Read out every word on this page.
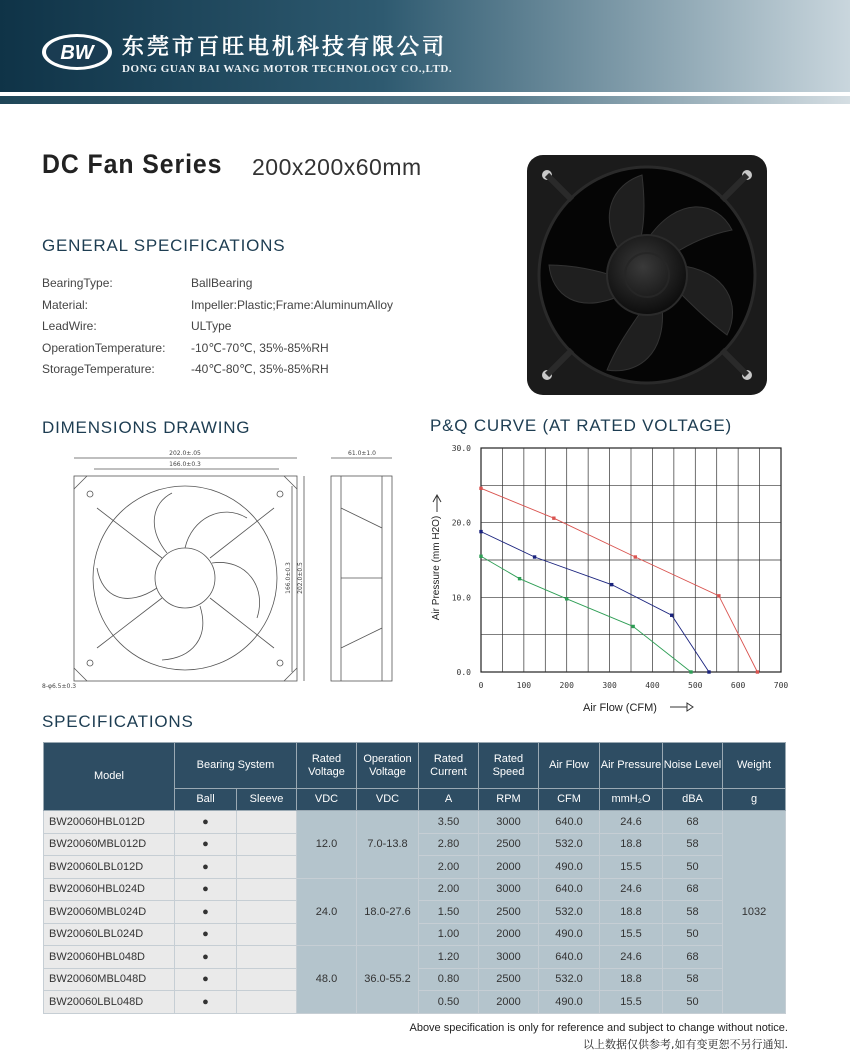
BW 东莞市百旺电机科技有限公司
DONG GUAN BAI WANG MOTOR TECHNOLOGY CO.,LTD.
DC Fan Series 200x200x60mm
GENERAL SPECIFICATIONS
BearingType:	BallBearing
Material:	Impeller:Plastic;Frame:AluminumAlloy
LeadWire:	ULType
OperationTemperature: -10℃-70℃, 35%-85%RH
StorageTemperature:	-40℃-80℃, 35%-85%RH
DIMENSIONS DRAWING
202.0±.05
166.0±0.3
61.0±1.0
166.0±0.3 202.0±0.5
8-φ6.5±0.3
P&Q CURVE (AT RATED VOLTAGE)
0	100	200	300	400	500	600	700
0.0
10.0
20.0
30.0
Air Pressure (mm H2O)
Air Flow (CFM)
SPECIFICATIONS
Model	Bearing System		Rated Voltage	Operation Voltage	Rated Current	Rated Speed	Air Flow	Air Pressure	Noise Level	Weight
	Ball	Sleeve	VDC	VDC	A	RPM	CFM	mmH₂O	dBA	g
BW20060HBL012D	●		12.0	7.0-13.8	3.50	3000	640.0	24.6	68	1032
BW20060MBL012D	●				2.80	2500	532.0	18.8	58	
BW20060LBL012D	●				2.00	2000	490.0	15.5	50	
BW20060HBL024D	●		24.0	18.0-27.6	2.00	3000	640.0	24.6	68	
BW20060MBL024D	●				1.50	2500	532.0	18.8	58	
BW20060LBL024D	●				1.00	2000	490.0	15.5	50	
BW20060HBL048D	●		48.0	36.0-55.2	1.20	3000	640.0	24.6	68	
BW20060MBL048D	●				0.80	2500	532.0	18.8	58	
BW20060LBL048D	●				0.50	2000	490.0	15.5	50	
Above specification is only for reference and subject to change without notice.
以上数据仅供参考,如有变更恕不另行通知.
